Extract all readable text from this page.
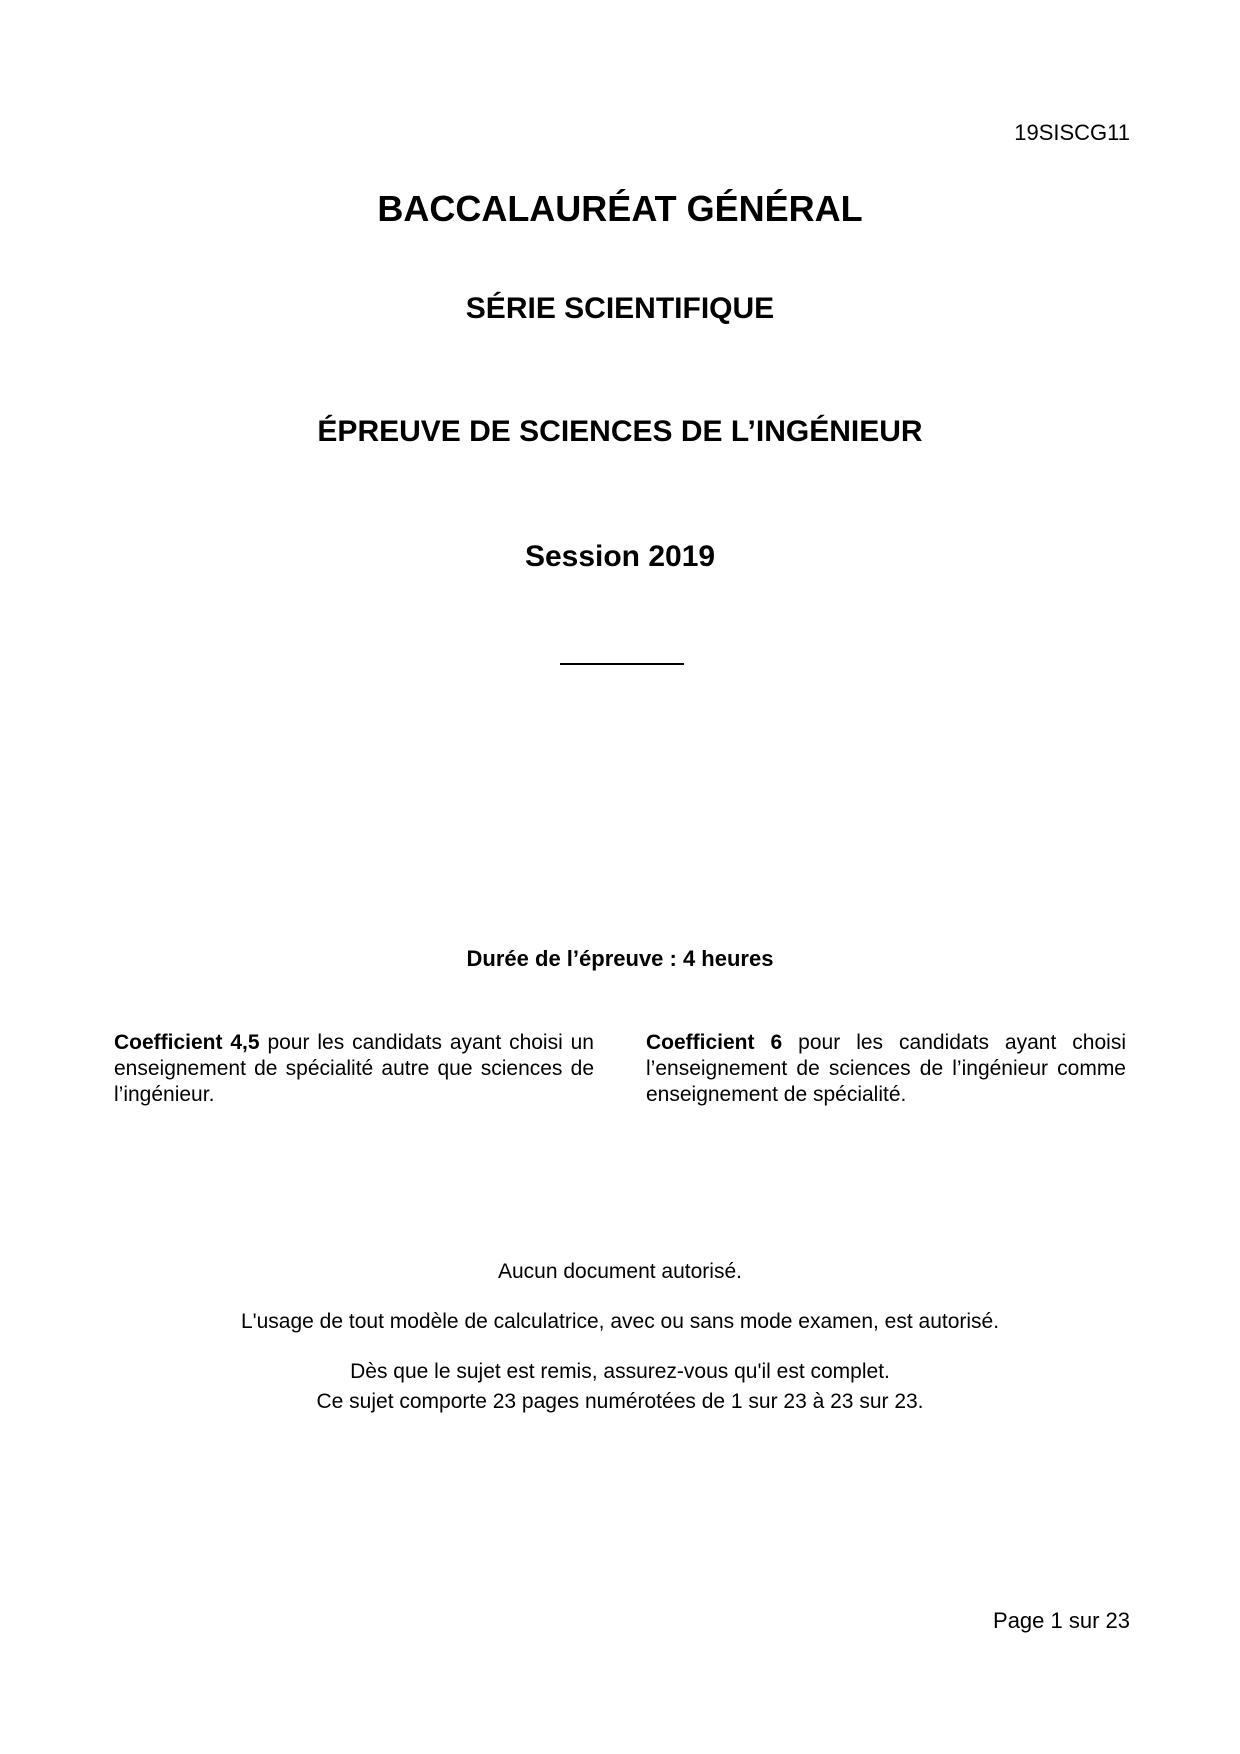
19SISCG11
BACCALAURÉAT GÉNÉRAL
SÉRIE SCIENTIFIQUE
ÉPREUVE DE SCIENCES DE L’INGÉNIEUR
Session 2019
Durée de l’épreuve : 4 heures
Coefficient 4,5 pour les candidats ayant choisi un enseignement de spécialité autre que sciences de l’ingénieur.
Coefficient 6 pour les candidats ayant choisi l’enseignement de sciences de l’ingénieur comme enseignement de spécialité.
Aucun document autorisé.
L'usage de tout modèle de calculatrice, avec ou sans mode examen, est autorisé.
Dès que le sujet est remis, assurez-vous qu'il est complet.
Ce sujet comporte 23 pages numérotées de 1 sur 23 à 23 sur 23.
Page 1 sur 23
